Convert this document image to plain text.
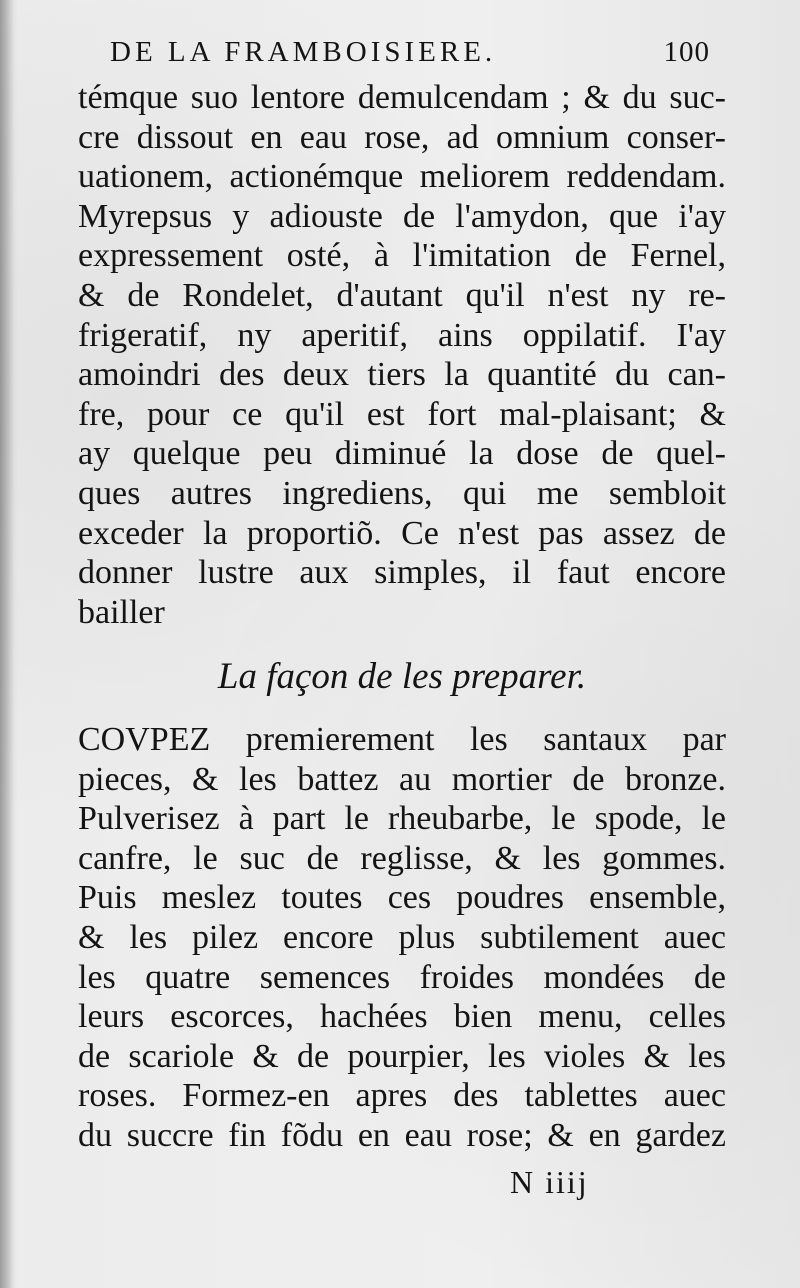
DE LA FRAMBOISIERE.	100
témque suo lentore demulcendam ; & du suc-
cre dissout en eau rose, ad omnium conser-
uationem, actionémque meliorem reddendam.
Myrepsus y adiouste de l'amydon, que i'ay
expressement osté, à l'imitation de Fernel,
& de Rondelet, d'autant qu'il n'est ny re-
frigeratif, ny aperitif, ains oppilatif. I'ay
amoindri des deux tiers la quantité du can-
fre, pour ce qu'il est fort mal-plaisant; &
ay quelque peu diminué la dose de quel-
ques autres ingrediens, qui me sembloit
exceder la proportiõ. Ce n'est pas assez de
donner lustre aux simples, il faut encore
bailler
La façon de les preparer.
COVPEZ premierement les santaux par
pieces, & les battez au mortier de bronze.
Pulverisez à part le rheubarbe, le spode, le
canfre, le suc de reglisse, & les gommes.
Puis meslez toutes ces poudres ensemble,
& les pilez encore plus subtilement auec
les quatre semences froides mondées de
leurs escorces, hachées bien menu, celles
de scariole & de pourpier, les violes & les
roses. Formez-en apres des tablettes auec
du succre fin fõdu en eau rose; & en gardez
N iiij
